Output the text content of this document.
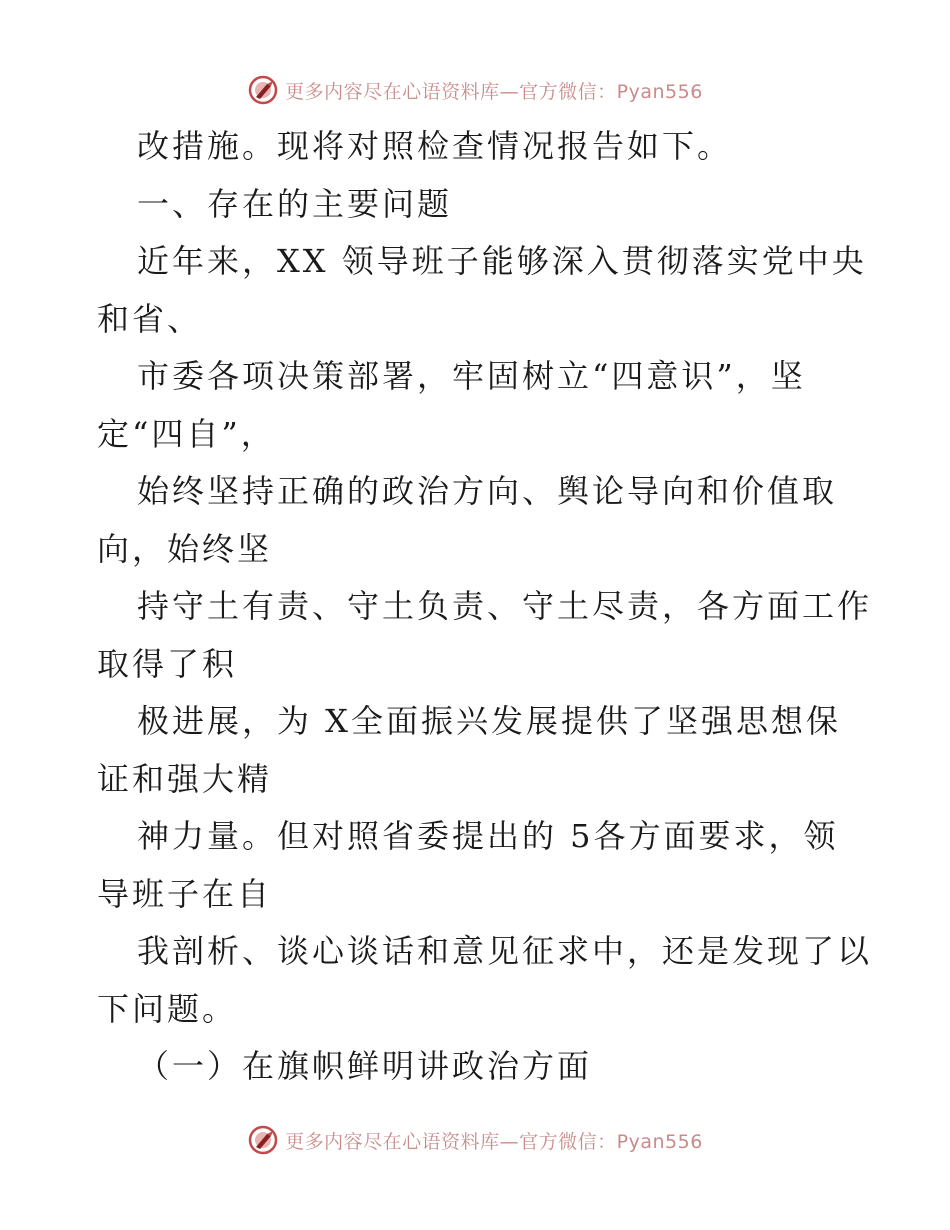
更多内容尽在心语资料库—官方微信：Pyan556
改措施。现将对照检查情况报告如下。
一、存在的主要问题
近年来，XX 领导班子能够深入贯彻落实党中央
和省、
市委各项决策部署，牢固树立“四意识”，坚
定“四自”，
始终坚持正确的政治方向、舆论导向和价值取
向，始终坚
持守土有责、守土负责、守土尽责，各方面工作
取得了积
极进展，为 X全面振兴发展提供了坚强思想保
证和强大精
神力量。但对照省委提出的 5各方面要求，领
导班子在自
我剖析、谈心谈话和意见征求中，还是发现了以
下问题。
（一）在旗帜鲜明讲政治方面
更多内容尽在心语资料库—官方微信：Pyan556
